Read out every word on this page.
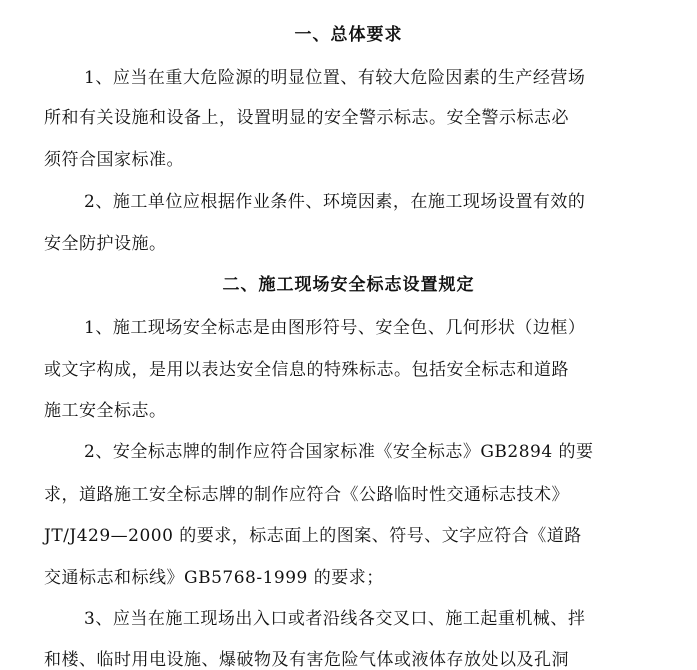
一、总体要求
1、应当在重大危险源的明显位置、有较大危险因素的生产经营场
所和有关设施和设备上，设置明显的安全警示标志。安全警示标志必
须符合国家标准。
2、施工单位应根据作业条件、环境因素，在施工现场设置有效的
安全防护设施。
二、施工现场安全标志设置规定
1、施工现场安全标志是由图形符号、安全色、几何形状（边框）
或文字构成，是用以表达安全信息的特殊标志。包括安全标志和道路
施工安全标志。
2、安全标志牌的制作应符合国家标准《安全标志》GB2894 的要
求，道路施工安全标志牌的制作应符合《公路临时性交通标志技术》
JT/J429—2000 的要求，标志面上的图案、符号、文字应符合《道路
交通标志和标线》GB5768-1999 的要求；
3、应当在施工现场出入口或者沿线各交叉口、施工起重机械、拌
和楼、临时用电设施、爆破物及有害危险气体或液体存放处以及孔洞
